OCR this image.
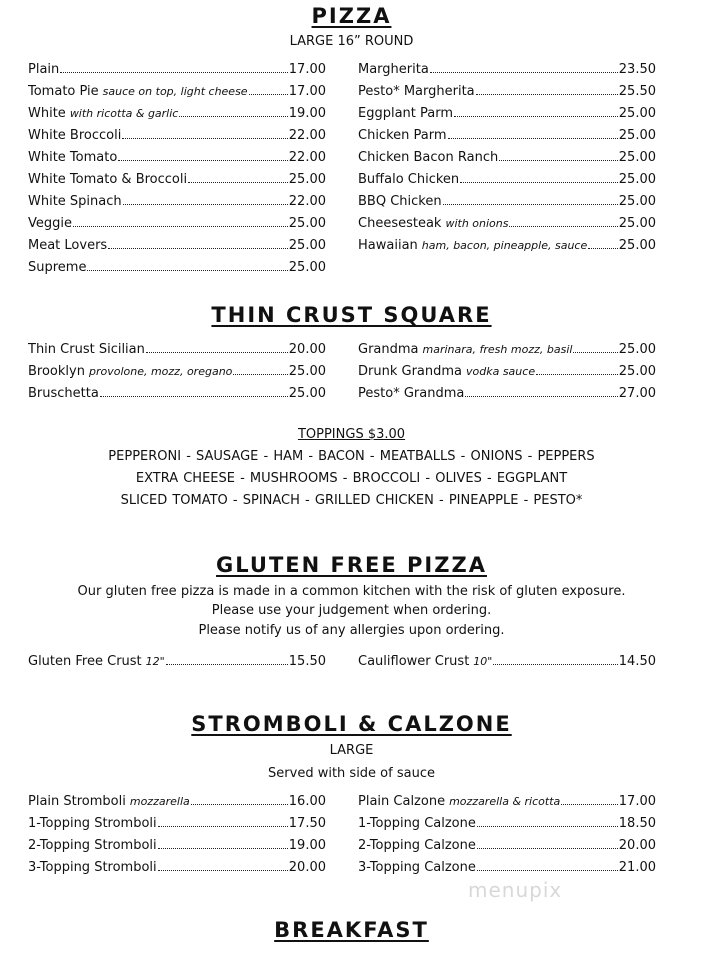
PIZZA
LARGE 16” ROUND
Plain	17.00
Tomato Pie sauce on top, light cheese	17.00
White with ricotta & garlic	19.00
White Broccoli	22.00
White Tomato	22.00
White Tomato & Broccoli	25.00
White Spinach	22.00
Veggie	25.00
Meat Lovers	25.00
Supreme	25.00
Margherita	23.50
Pesto* Margherita	25.50
Eggplant Parm	25.00
Chicken Parm	25.00
Chicken Bacon Ranch	25.00
Buffalo Chicken	25.00
BBQ Chicken	25.00
Cheesesteak with onions	25.00
Hawaiian ham, bacon, pineapple, sauce 25.00
THIN CRUST SQUARE
Thin Crust Sicilian	20.00
Brooklyn provolone, mozz, oregano	25.00
Bruschetta	25.00
Grandma marinara, fresh mozz, basil	25.00
Drunk Grandma vodka sauce	25.00
Pesto* Grandma	27.00
TOPPINGS $3.00
PEPPERONI - SAUSAGE - HAM - BACON - MEATBALLS - ONIONS - PEPPERS
EXTRA CHEESE - MUSHROOMS - BROCCOLI - OLIVES - EGGPLANT
SLICED TOMATO - SPINACH - GRILLED CHICKEN - PINEAPPLE - PESTO*
GLUTEN FREE PIZZA
Our gluten free pizza is made in a common kitchen with the risk of gluten exposure.
Please use your judgement when ordering.
Please notify us of any allergies upon ordering.
Gluten Free Crust 12"	15.50 Cauliflower Crust 10"	14.50
STROMBOLI & CALZONE
LARGE
Served with side of sauce
Plain Stromboli mozzarella	16.00
1-Topping Stromboli	17.50
2-Topping Stromboli	19.00
3-Topping Stromboli	20.00
Plain Calzone mozzarella & ricotta	17.00
1-Topping Calzone	18.50
2-Topping Calzone	20.00
3-Topping Calzone	21.00
menupix
BREAKFAST
